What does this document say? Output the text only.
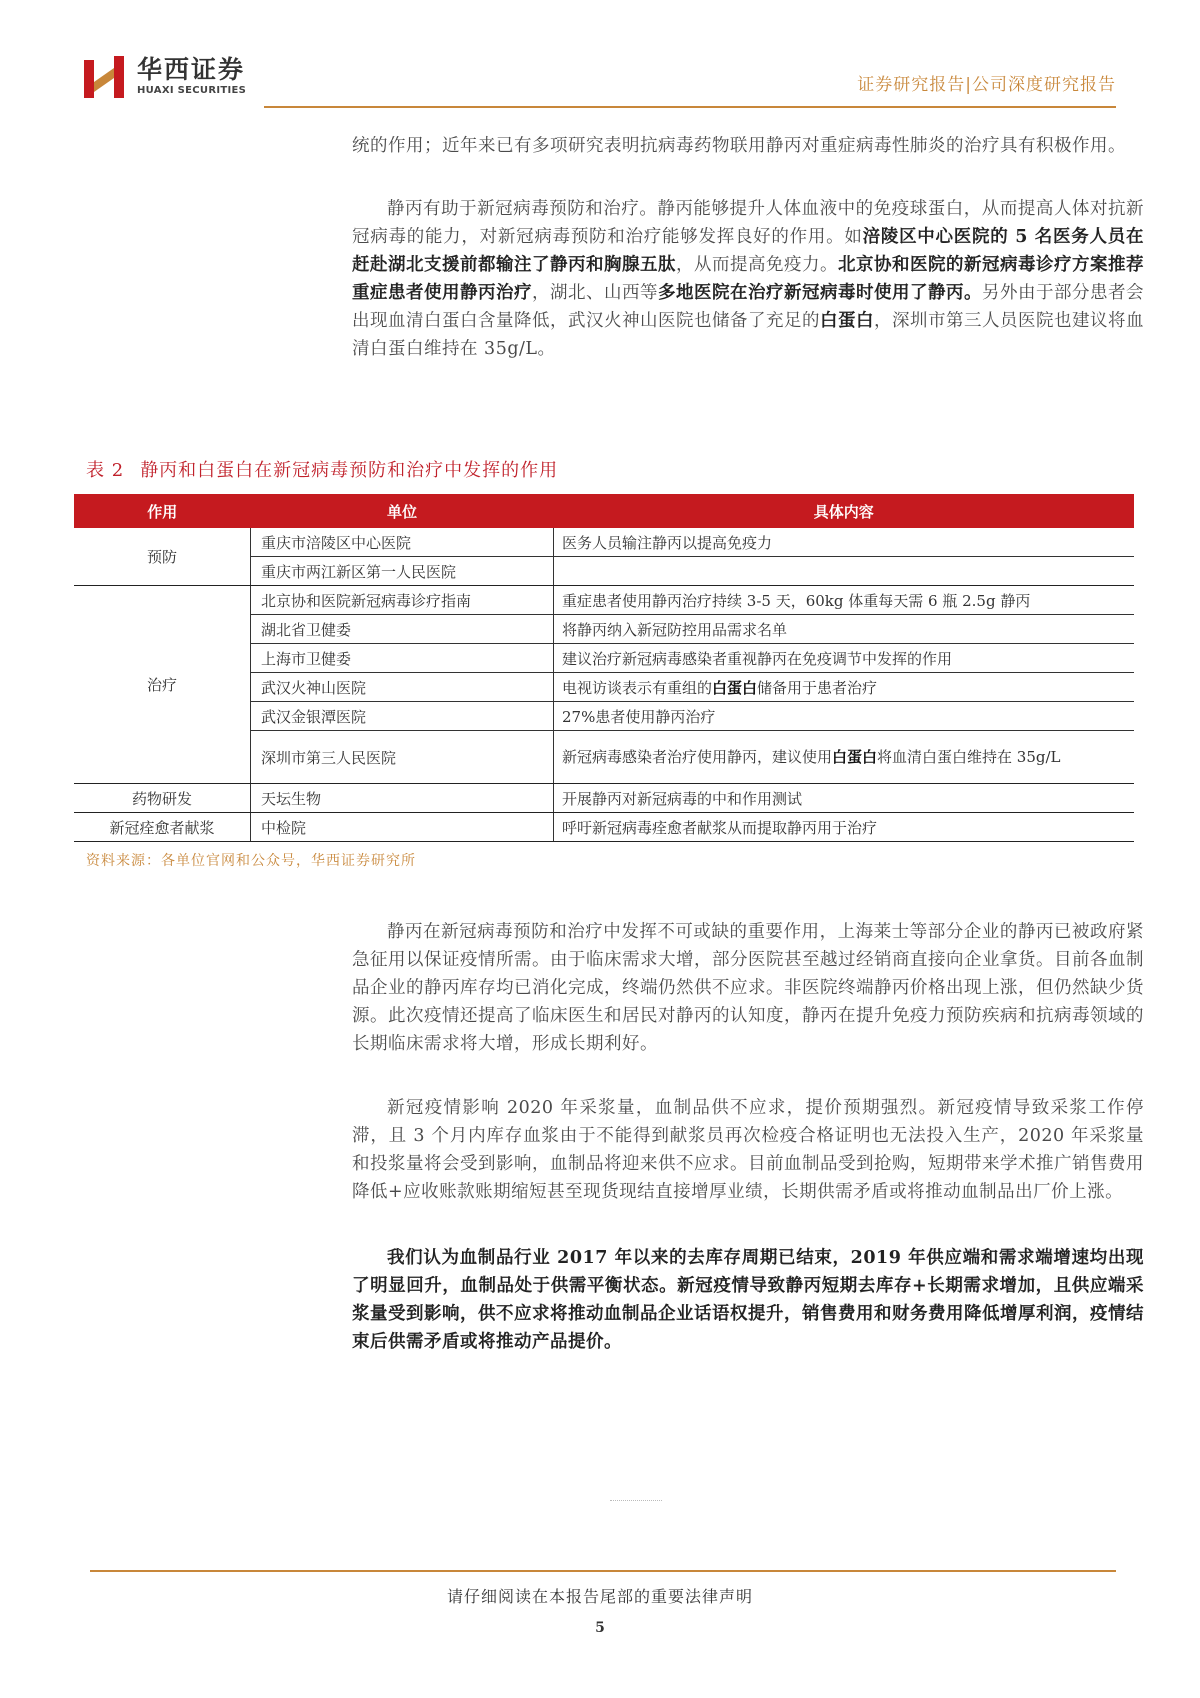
华西证券
HUAXI SECURITIES	证券研究报告|公司深度研究报告
统的作用；近年来已有多项研究表明抗病毒药物联用静丙对重症病毒性肺炎的治疗具有积极作用。
静丙有助于新冠病毒预防和治疗。静丙能够提升人体血液中的免疫球蛋白，从而提高人体对抗新冠病毒的能力，对新冠病毒预防和治疗能够发挥良好的作用。如涪陵区中心医院的 5 名医务人员在赶赴湖北支援前都输注了静丙和胸腺五肽，从而提高免疫力。北京协和医院的新冠病毒诊疗方案推荐重症患者使用静丙治疗，湖北、山西等多地医院在治疗新冠病毒时使用了静丙。另外由于部分患者会出现血清白蛋白含量降低，武汉火神山医院也储备了充足的白蛋白，深圳市第三人员医院也建议将血清白蛋白维持在 35g/L。
表 2 静丙和白蛋白在新冠病毒预防和治疗中发挥的作用
作用	单位	具体内容
预防	重庆市涪陵区中心医院	医务人员输注静丙以提高免疫力
	重庆市两江新区第一人民医院	
治疗	北京协和医院新冠病毒诊疗指南	重症患者使用静丙治疗持续 3-5 天，60kg 体重每天需 6 瓶 2.5g 静丙
	湖北省卫健委	将静丙纳入新冠防控用品需求名单
	上海市卫健委	建议治疗新冠病毒感染者重视静丙在免疫调节中发挥的作用
	武汉火神山医院	电视访谈表示有重组的白蛋白储备用于患者治疗
	武汉金银潭医院	27%患者使用静丙治疗
	深圳市第三人民医院	新冠病毒感染者治疗使用静丙，建议使用白蛋白将血清白蛋白维持在 35g/L
药物研发	天坛生物	开展静丙对新冠病毒的中和作用测试
新冠痊愈者献浆	中检院	呼吁新冠病毒痊愈者献浆从而提取静丙用于治疗
资料来源：各单位官网和公众号，华西证券研究所
静丙在新冠病毒预防和治疗中发挥不可或缺的重要作用，上海莱士等部分企业的静丙已被政府紧急征用以保证疫情所需。由于临床需求大增，部分医院甚至越过经销商直接向企业拿货。目前各血制品企业的静丙库存均已消化完成，终端仍然供不应求。非医院终端静丙价格出现上涨，但仍然缺少货源。此次疫情还提高了临床医生和居民对静丙的认知度，静丙在提升免疫力预防疾病和抗病毒领域的长期临床需求将大增，形成长期利好。
新冠疫情影响 2020 年采浆量，血制品供不应求，提价预期强烈。新冠疫情导致采浆工作停滞，且 3 个月内库存血浆由于不能得到献浆员再次检疫合格证明也无法投入生产，2020 年采浆量和投浆量将会受到影响，血制品将迎来供不应求。目前血制品受到抢购，短期带来学术推广销售费用降低+应收账款账期缩短甚至现货现结直接增厚业绩，长期供需矛盾或将推动血制品出厂价上涨。
我们认为血制品行业 2017 年以来的去库存周期已结束，2019 年供应端和需求端增速均出现了明显回升，血制品处于供需平衡状态。新冠疫情导致静丙短期去库存+长期需求增加，且供应端采浆量受到影响，供不应求将推动血制品企业话语权提升，销售费用和财务费用降低增厚利润，疫情结束后供需矛盾或将推动产品提价。
请仔细阅读在本报告尾部的重要法律声明
5
